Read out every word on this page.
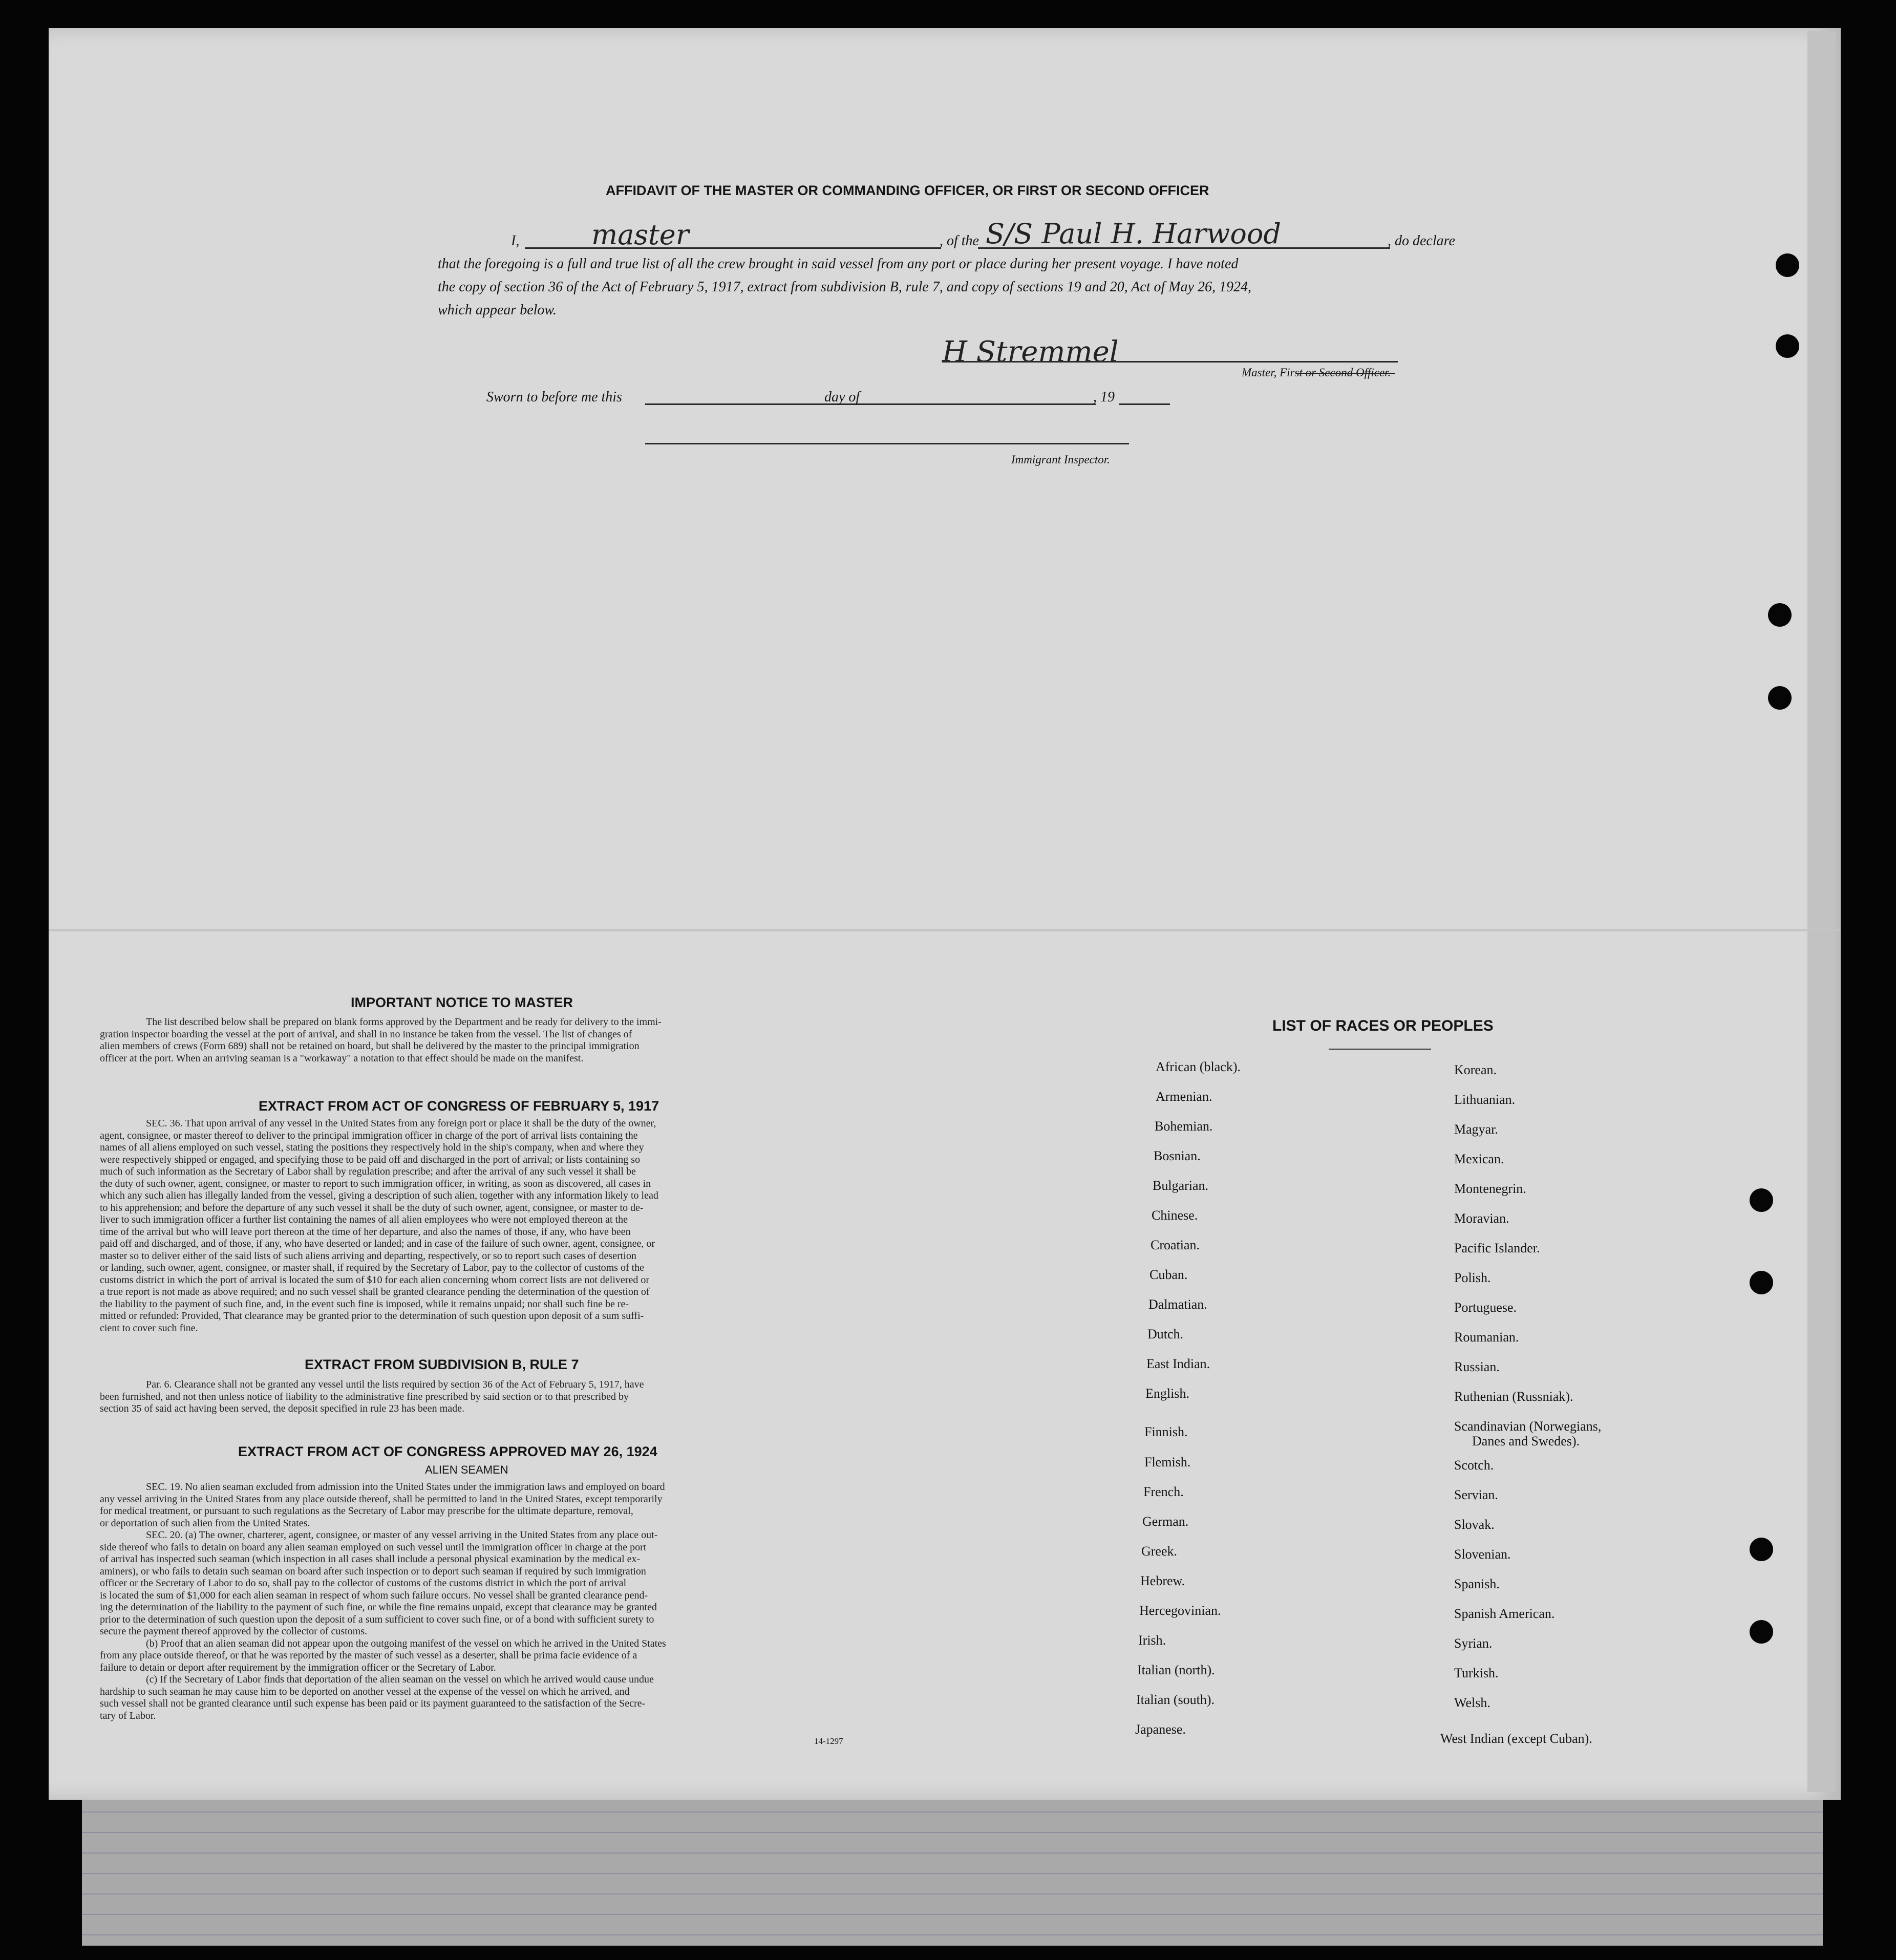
AFFIDAVIT OF THE MASTER OR COMMANDING OFFICER, OR FIRST OR SECOND OFFICER
I,	master	, of the S/S Paul H. Harwood	, do declare
that the foregoing is a full and true list of all the crew brought in said vessel from any port or place during her present voyage. I have noted
the copy of section 36 of the Act of February 5, 1917, extract from subdivision B, rule 7, and copy of sections 19 and 20, Act of May 26, 1924,
which appear below.
H Stremmel
Master, First or Second Officer.
Sworn to before me this	day of	, 19
Immigrant Inspector.
IMPORTANT NOTICE TO MASTER
The list described below shall be prepared on blank forms approved by the Department and be ready for delivery to the immi-
gration inspector boarding the vessel at the port of arrival, and shall in no instance be taken from the vessel. The list of changes of
alien members of crews (Form 689) shall not be retained on board, but shall be delivered by the master to the principal immigration
officer at the port. When an arriving seaman is a "workaway" a notation to that effect should be made on the manifest.
EXTRACT FROM ACT OF CONGRESS OF FEBRUARY 5, 1917
SEC. 36. That upon arrival of any vessel in the United States from any foreign port or place it shall be the duty of the owner,
agent, consignee, or master thereof to deliver to the principal immigration officer in charge of the port of arrival lists containing the
names of all aliens employed on such vessel, stating the positions they respectively hold in the ship's company, when and where they
were respectively shipped or engaged, and specifying those to be paid off and discharged in the port of arrival; or lists containing so
much of such information as the Secretary of Labor shall by regulation prescribe; and after the arrival of any such vessel it shall be
the duty of such owner, agent, consignee, or master to report to such immigration officer, in writing, as soon as discovered, all cases in
which any such alien has illegally landed from the vessel, giving a description of such alien, together with any information likely to lead
to his apprehension; and before the departure of any such vessel it shall be the duty of such owner, agent, consignee, or master to de-
liver to such immigration officer a further list containing the names of all alien employees who were not employed thereon at the
time of the arrival but who will leave port thereon at the time of her departure, and also the names of those, if any, who have been
paid off and discharged, and of those, if any, who have deserted or landed; and in case of the failure of such owner, agent, consignee, or
master so to deliver either of the said lists of such aliens arriving and departing, respectively, or so to report such cases of desertion
or landing, such owner, agent, consignee, or master shall, if required by the Secretary of Labor, pay to the collector of customs of the
customs district in which the port of arrival is located the sum of $10 for each alien concerning whom correct lists are not delivered or
a true report is not made as above required; and no such vessel shall be granted clearance pending the determination of the question of
the liability to the payment of such fine, and, in the event such fine is imposed, while it remains unpaid; nor shall such fine be re-
mitted or refunded: Provided, That clearance may be granted prior to the determination of such question upon deposit of a sum suffi-
cient to cover such fine.
EXTRACT FROM SUBDIVISION B, RULE 7
Par. 6. Clearance shall not be granted any vessel until the lists required by section 36 of the Act of February 5, 1917, have
been furnished, and not then unless notice of liability to the administrative fine prescribed by said section or to that prescribed by
section 35 of said act having been served, the deposit specified in rule 23 has been made.
EXTRACT FROM ACT OF CONGRESS APPROVED MAY 26, 1924
ALIEN SEAMEN
SEC. 19. No alien seaman excluded from admission into the United States under the immigration laws and employed on board
any vessel arriving in the United States from any place outside thereof, shall be permitted to land in the United States, except temporarily
for medical treatment, or pursuant to such regulations as the Secretary of Labor may prescribe for the ultimate departure, removal,
or deportation of such alien from the United States.
SEC. 20. (a) The owner, charterer, agent, consignee, or master of any vessel arriving in the United States from any place out-
side thereof who fails to detain on board any alien seaman employed on such vessel until the immigration officer in charge at the port
of arrival has inspected such seaman (which inspection in all cases shall include a personal physical examination by the medical ex-
aminers), or who fails to detain such seaman on board after such inspection or to deport such seaman if required by such immigration
officer or the Secretary of Labor to do so, shall pay to the collector of customs of the customs district in which the port of arrival
is located the sum of $1,000 for each alien seaman in respect of whom such failure occurs. No vessel shall be granted clearance pend-
ing the determination of the liability to the payment of such fine, or while the fine remains unpaid, except that clearance may be granted
prior to the determination of such question upon the deposit of a sum sufficient to cover such fine, or of a bond with sufficient surety to
secure the payment thereof approved by the collector of customs.
(b) Proof that an alien seaman did not appear upon the outgoing manifest of the vessel on which he arrived in the United States
from any place outside thereof, or that he was reported by the master of such vessel as a deserter, shall be prima facie evidence of a
failure to detain or deport after requirement by the immigration officer or the Secretary of Labor.
(c) If the Secretary of Labor finds that deportation of the alien seaman on the vessel on which he arrived would cause undue
hardship to such seaman he may cause him to be deported on another vessel at the expense of the vessel on which he arrived, and
such vessel shall not be granted clearance until such expense has been paid or its payment guaranteed to the satisfaction of the Secre-
tary of Labor.
14-1297
LIST OF RACES OR PEOPLES
African (black).
Armenian.
Bohemian.
Bosnian.
Bulgarian.
Chinese.
Croatian.
Cuban.
Dalmatian.
Dutch.
East Indian.
English.
Finnish.
Flemish.
French.
German.
Greek.
Hebrew.
Hercegovinian.
Irish.
Italian (north).
Italian (south).
Japanese.
Korean.
Lithuanian.
Magyar.
Mexican.
Montenegrin.
Moravian.
Pacific Islander.
Polish.
Portuguese.
Roumanian.
Russian.
Ruthenian (Russniak).
Scandinavian (Norwegians,
Danes and Swedes).
Scotch.
Servian.
Slovak.
Slovenian.
Spanish.
Spanish American.
Syrian.
Turkish.
Welsh.
West Indian (except Cuban).
